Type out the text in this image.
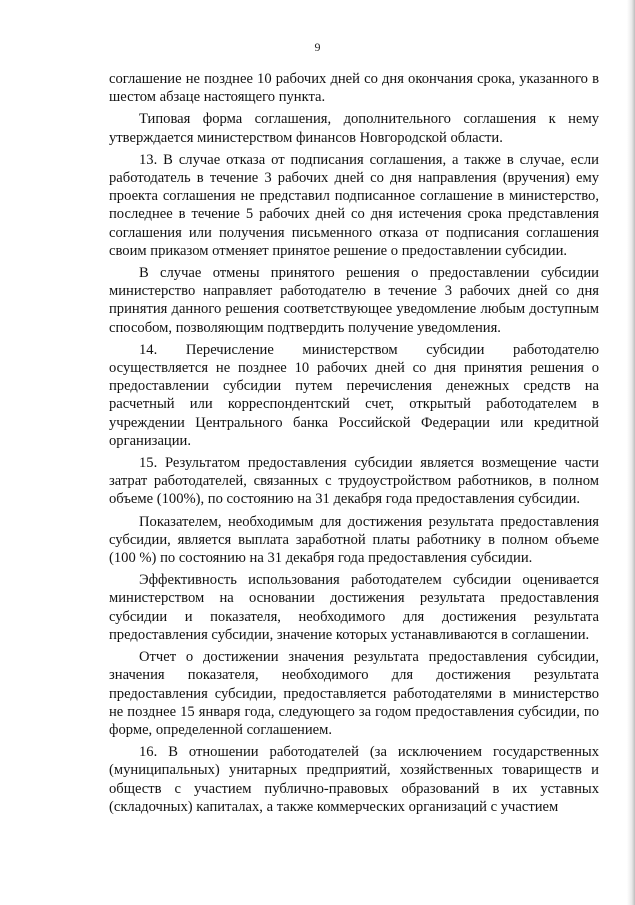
9

соглашение не позднее 10 рабочих дней со дня окончания срока, указанного в шестом абзаце настоящего пункта.

Типовая форма соглашения, дополнительного соглашения к нему утверждается министерством финансов Новгородской области.

13. В случае отказа от подписания соглашения, а также в случае, если работодатель в течение 3 рабочих дней со дня направления (вручения) ему проекта соглашения не представил подписанное соглашение в министерство, последнее в течение 5 рабочих дней со дня истечения срока представления соглашения или получения письменного отказа от подписания соглашения своим приказом отменяет принятое решение о предоставлении субсидии.

В случае отмены принятого решения о предоставлении субсидии министерство направляет работодателю в течение 3 рабочих дней со дня принятия данного решения соответствующее уведомление любым доступным способом, позволяющим подтвердить получение уведомления.

14. Перечисление министерством субсидии работодателю осуществляется не позднее 10 рабочих дней со дня принятия решения о предоставлении субсидии путем перечисления денежных средств на расчетный или корреспондентский счет, открытый работодателем в учреждении Центрального банка Российской Федерации или кредитной организации.

15. Результатом предоставления субсидии является возмещение части затрат работодателей, связанных с трудоустройством работников, в полном объеме (100%), по состоянию на 31 декабря года предоставления субсидии.

Показателем, необходимым для достижения результата предоставления субсидии, является выплата заработной платы работнику в полном объеме (100 %) по состоянию на 31 декабря года предоставления субсидии.

Эффективность использования работодателем субсидии оценивается министерством на основании достижения результата предоставления субсидии и показателя, необходимого для достижения результата предоставления субсидии, значение которых устанавливаются в соглашении.

Отчет о достижении значения результата предоставления субсидии, значения показателя, необходимого для достижения результата предоставления субсидии, предоставляется работодателями в министерство не позднее 15 января года, следующего за годом предоставления субсидии, по форме, определенной соглашением.

16. В отношении работодателей (за исключением государственных (муниципальных) унитарных предприятий, хозяйственных товариществ и обществ с участием публично-правовых образований в их уставных (складочных) капиталах, а также коммерческих организаций с участием
